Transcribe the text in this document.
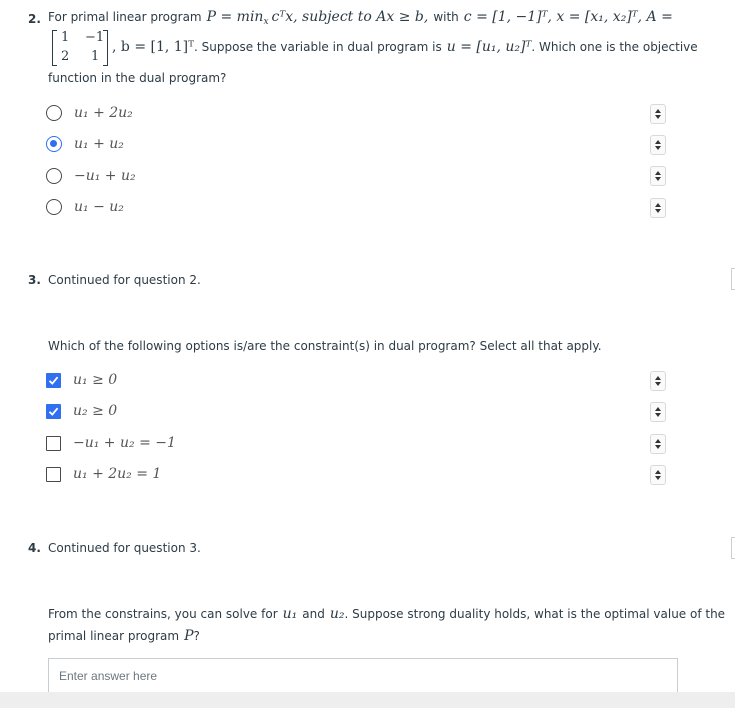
2. For primal linear program P = min x cᵀx, subject to Ax ≥ b, with c = [1, −1]ᵀ, x = [x₁, x₂]ᵀ, A =
1 −1
2 1
, b = [1, 1]ᵀ . Suppose the variable in dual program is u = [u₁, u₂]ᵀ . Which one is the objective
function in the dual program?
u₁ + 2u₂
u₁ + u₂
−u₁ + u₂
u₁ − u₂
3. Continued for question 2.
Which of the following options is/are the constraint(s) in dual program? Select all that apply.
u₁ ≥ 0
u₂ ≥ 0
−u₁ + u₂ = −1
u₁ + 2u₂ = 1
4. Continued for question 3.
From the constrains, you can solve for u₁ and u₂ . Suppose strong duality holds, what is the optimal value of the
primal linear program P ?
Enter answer here
